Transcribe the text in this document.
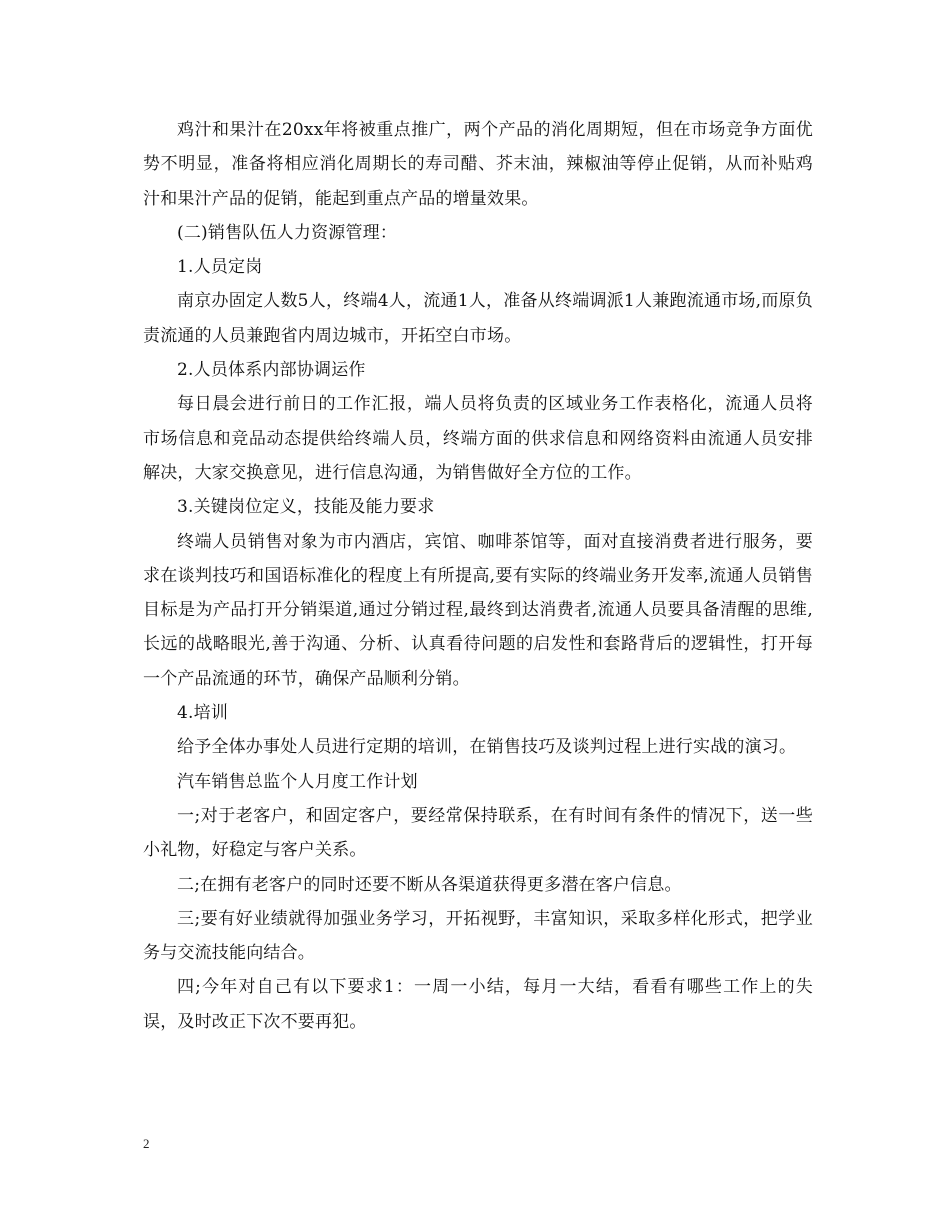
鸡汁和果汁在20xx年将被重点推广，两个产品的消化周期短，但在市场竞争方面优势不明显，准备将相应消化周期长的寿司醋、芥末油，辣椒油等停止促销，从而补贴鸡汁和果汁产品的促销，能起到重点产品的增量效果。

(二)销售队伍人力资源管理：

1.人员定岗

南京办固定人数5人，终端4人，流通1人，准备从终端调派1人兼跑流通市场,而原负责流通的人员兼跑省内周边城市，开拓空白市场。

2.人员体系内部协调运作

每日晨会进行前日的工作汇报，端人员将负责的区域业务工作表格化，流通人员将市场信息和竞品动态提供给终端人员，终端方面的供求信息和网络资料由流通人员安排解决，大家交换意见，进行信息沟通，为销售做好全方位的工作。

3.关键岗位定义，技能及能力要求

终端人员销售对象为市内酒店，宾馆、咖啡茶馆等，面对直接消费者进行服务，要求在谈判技巧和国语标准化的程度上有所提高,要有实际的终端业务开发率,流通人员销售目标是为产品打开分销渠道,通过分销过程,最终到达消费者,流通人员要具备清醒的思维,长远的战略眼光,善于沟通、分析、认真看待问题的启发性和套路背后的逻辑性，打开每一个产品流通的环节，确保产品顺利分销。

4.培训

给予全体办事处人员进行定期的培训，在销售技巧及谈判过程上进行实战的演习。

汽车销售总监个人月度工作计划

一;对于老客户，和固定客户，要经常保持联系，在有时间有条件的情况下，送一些小礼物，好稳定与客户关系。

二;在拥有老客户的同时还要不断从各渠道获得更多潜在客户信息。

三;要有好业绩就得加强业务学习，开拓视野，丰富知识，采取多样化形式，把学业务与交流技能向结合。

四;今年对自己有以下要求1：一周一小结，每月一大结，看看有哪些工作上的失误，及时改正下次不要再犯。

2
